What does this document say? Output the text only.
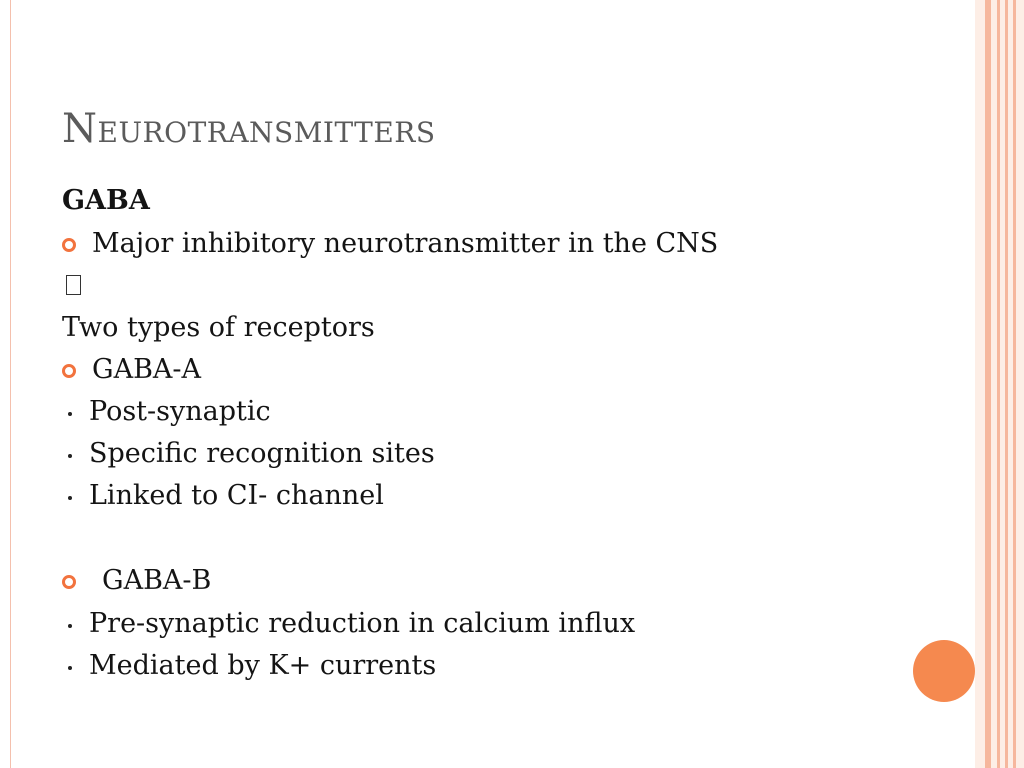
Neurotransmitters
GABA
Major inhibitory neurotransmitter in the CNS
Two types of receptors
GABA-A
Post-synaptic
Specific recognition sites
Linked to CI- channel
GABA-B
Pre-synaptic reduction in calcium influx
Mediated by K+ currents
